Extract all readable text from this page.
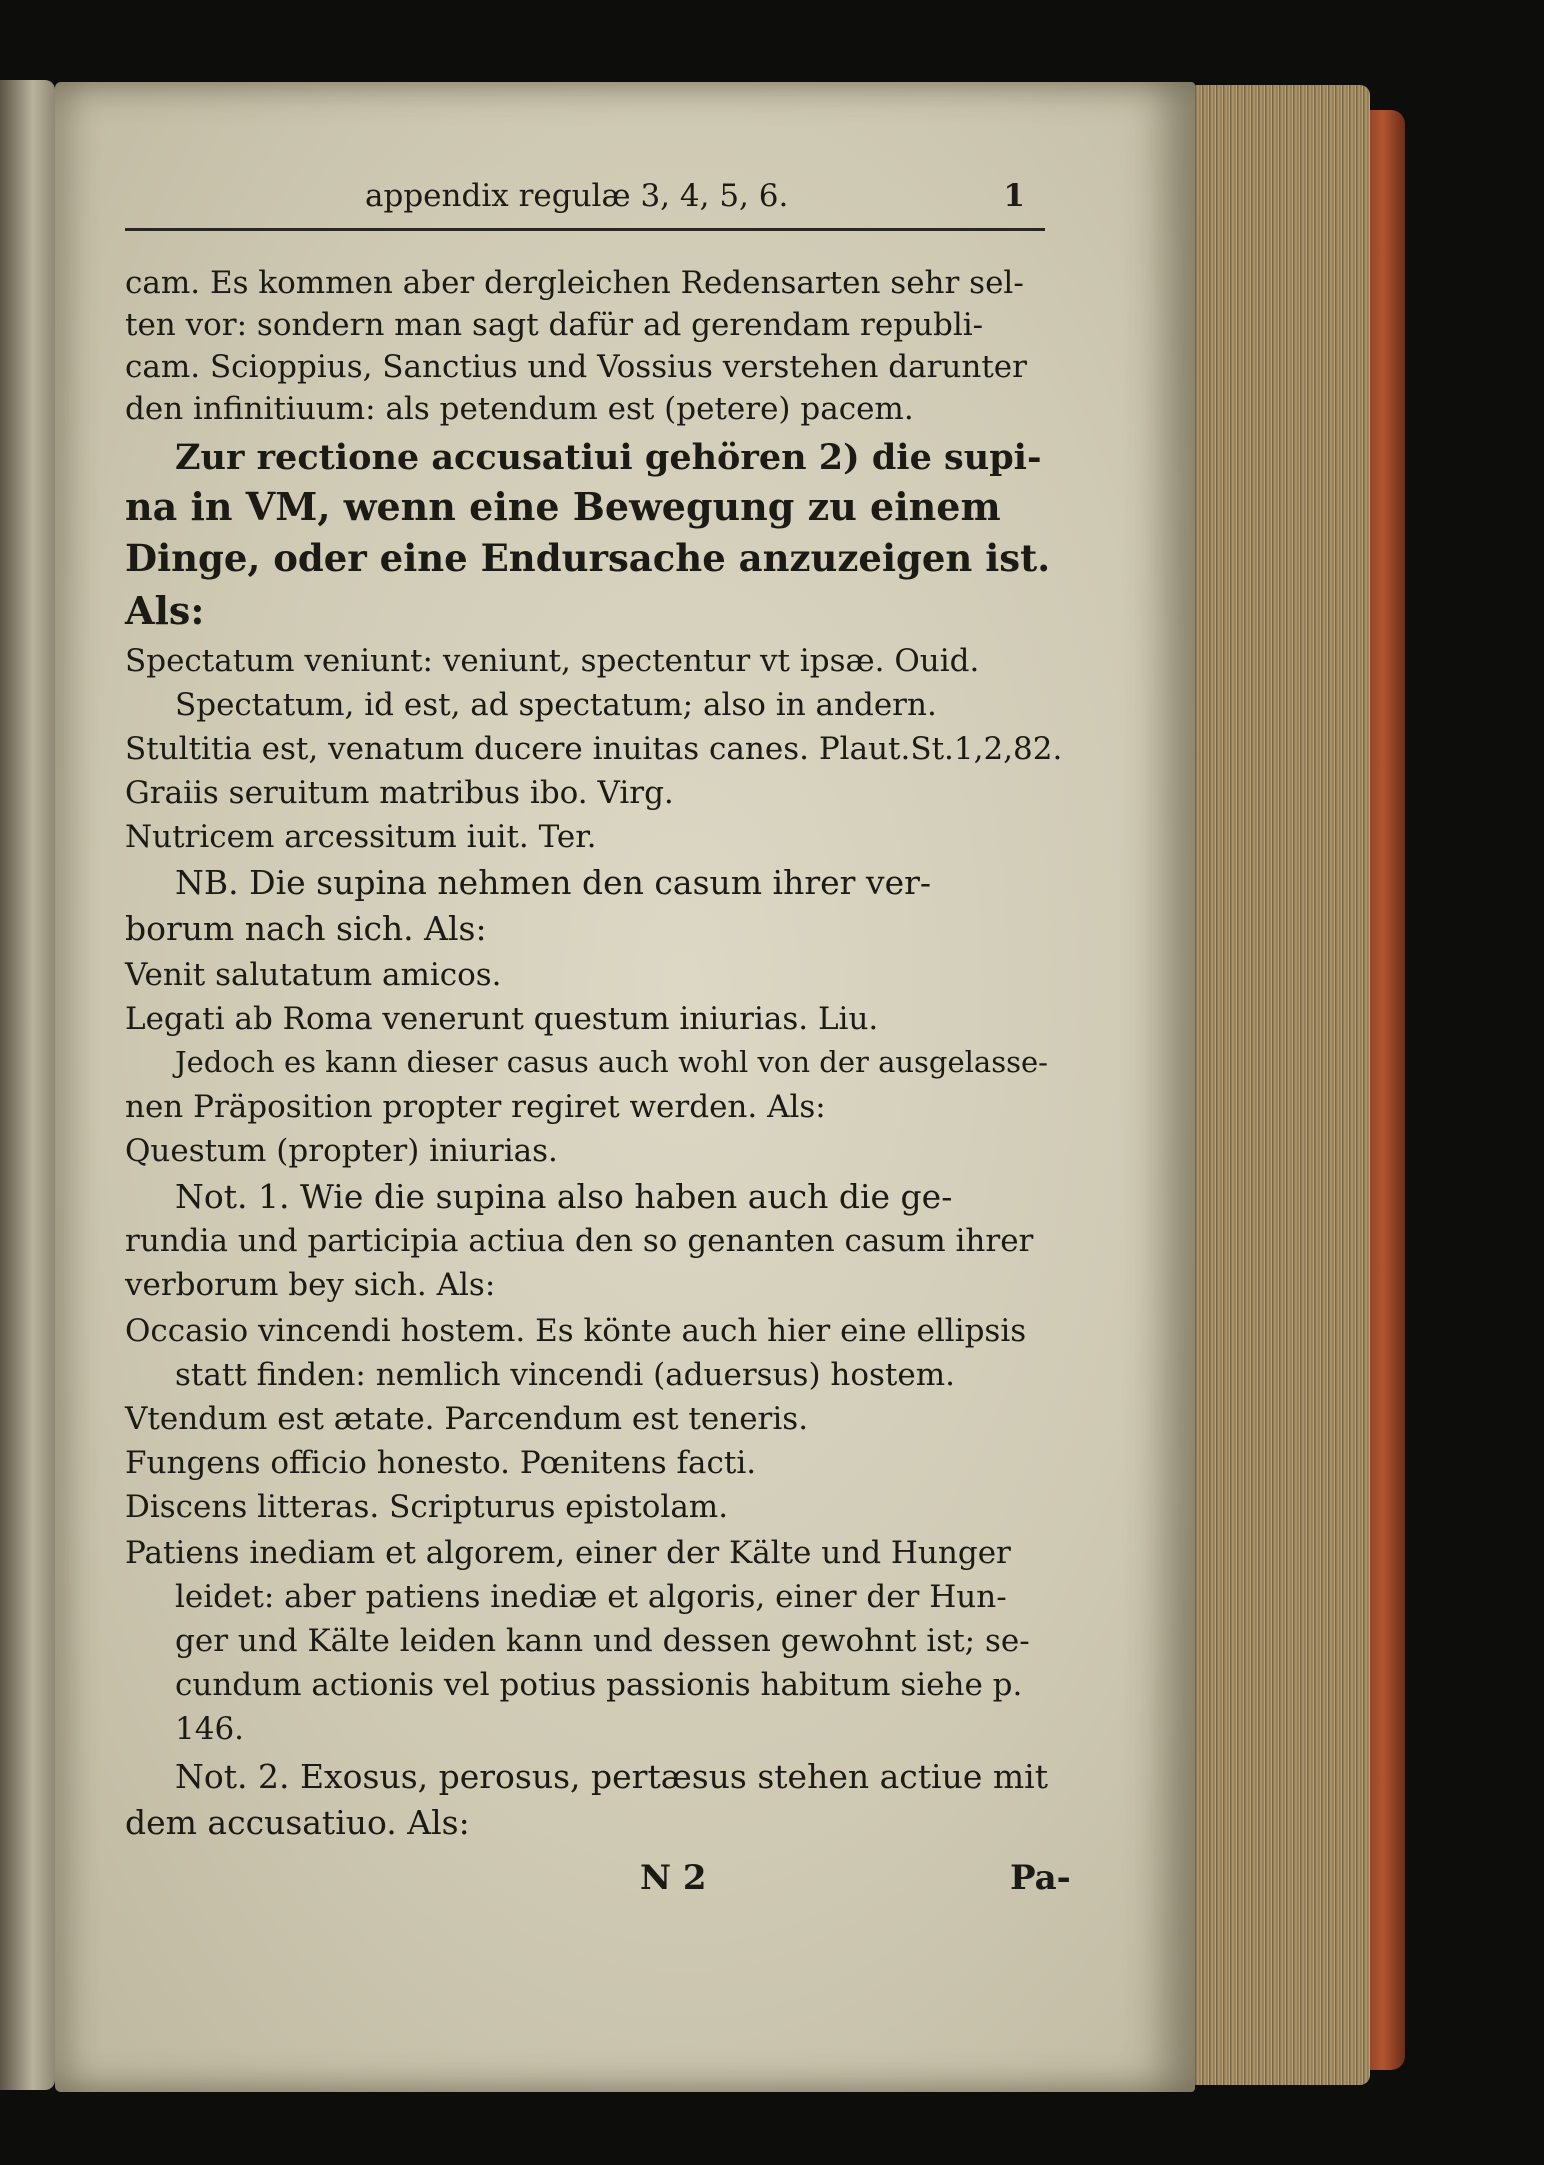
appendix regulæ 3, 4, 5, 6.	1
cam. Es kommen aber dergleichen Redensarten sehr sel-
ten vor: sondern man sagt dafür ad gerendam republi-
cam. Scioppius, Sanctius und Vossius verstehen darunter
den infinitiuum: als petendum est (petere) pacem.
Zur rectione accusatiui gehören 2) die supi-
na in VM, wenn eine Bewegung zu einem
Dinge, oder eine Endursache anzuzeigen ist.
Als:
Spectatum veniunt: veniunt, spectentur vt ipsæ. Ouid.
Spectatum, id est, ad spectatum; also in andern.
Stultitia est, venatum ducere inuitas canes. Plaut.St.1,2,82.
Graiis seruitum matribus ibo. Virg.
Nutricem arcessitum iuit. Ter.
NB. Die supina nehmen den casum ihrer ver-
borum nach sich. Als:
Venit salutatum amicos.
Legati ab Roma venerunt questum iniurias. Liu.
Jedoch es kann dieser casus auch wohl von der ausgelasse-
nen Präposition propter regiret werden. Als:
Questum (propter) iniurias.
Not. 1. Wie die supina also haben auch die ge-
rundia und participia actiua den so genanten casum ihrer
verborum bey sich. Als:
Occasio vincendi hostem. Es könte auch hier eine ellipsis
statt finden: nemlich vincendi (aduersus) hostem.
Vtendum est ætate. Parcendum est teneris.
Fungens officio honesto. Pœnitens facti.
Discens litteras. Scripturus epistolam.
Patiens inediam et algorem, einer der Kälte und Hunger
leidet: aber patiens inediæ et algoris, einer der Hun-
ger und Kälte leiden kann und dessen gewohnt ist; se-
cundum actionis vel potius passionis habitum siehe p.
146.
Not. 2. Exosus, perosus, pertæsus stehen actiue mit
dem accusatiuo. Als:
N 2	Pa-
